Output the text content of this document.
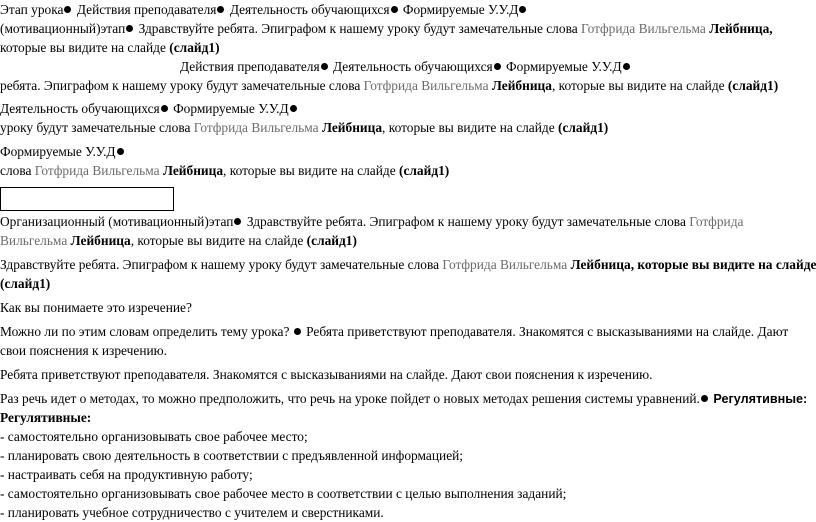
Этап урока Действия преподавателя Деятельность обучающихся Формируемые У.У.Д
(мотивационный)этап Здравствуйте ребята. Эпиграфом к нашему уроку будут замечательные слова Готфрида Вильгельма Лейбница,
которые вы видите на слайде (слайд1)
Действия преподавателя Деятельность обучающихся Формируемые У.У.Д
ребята. Эпиграфом к нашему уроку будут замечательные слова Готфрида Вильгельма Лейбница, которые вы видите на слайде (слайд1)
Деятельность обучающихся Формируемые У.У.Д
уроку будут замечательные слова Готфрида Вильгельма Лейбница, которые вы видите на слайде (слайд1)
Формируемые У.У.Д
слова Готфрида Вильгельма Лейбница, которые вы видите на слайде (слайд1)
Организационный (мотивационный)этап Здравствуйте ребята. Эпиграфом к нашему уроку будут замечательные слова Готфрида
Вильгельма Лейбница, которые вы видите на слайде (слайд1)
Здравствуйте ребята. Эпиграфом к нашему уроку будут замечательные слова Готфрида Вильгельма Лейбница, которые вы видите на слайде
(слайд1)
Как вы понимаете это изречение?
Можно ли по этим словам определить тему урока?  Ребята приветствуют преподавателя. Знакомятся с высказываниями на слайде. Дают
свои пояснения к изречению.
Ребята приветствуют преподавателя. Знакомятся с высказываниями на слайде. Дают свои пояснения к изречению.
Раз речь идет о методах, то можно предположить, что речь на уроке пойдет о новых методах решения системы уравнений. Регулятивные:
Регулятивные:
- самостоятельно организовывать свое рабочее место;
- планировать свою деятельность в соответствии с предъявленной информацией;
- настраивать себя на продуктивную работу;
- самостоятельно организовывать свое рабочее место в соответствии с целью выполнения заданий;
- планировать учебное сотрудничество с учителем и сверстниками.
